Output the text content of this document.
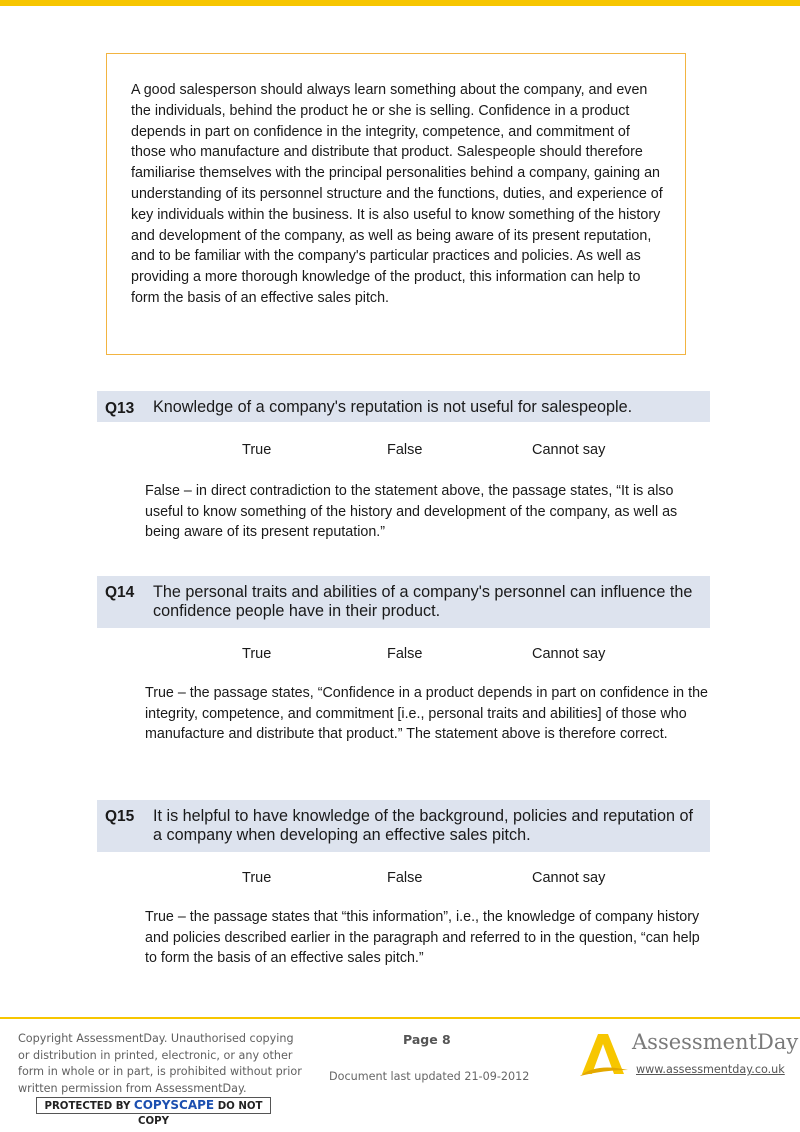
A good salesperson should always learn something about the company, and even the individuals, behind the product he or she is selling. Confidence in a product depends in part on confidence in the integrity, competence, and commitment of those who manufacture and distribute that product. Salespeople should therefore familiarise themselves with the principal personalities behind a company, gaining an understanding of its personnel structure and the functions, duties, and experience of key individuals within the business. It is also useful to know something of the history and development of the company, as well as being aware of its present reputation, and to be familiar with the company's particular practices and policies. As well as providing a more thorough knowledge of the product, this information can help to form the basis of an effective sales pitch.

Q13 Knowledge of a company's reputation is not useful for salespeople.
True	False	Cannot say

False – in direct contradiction to the statement above, the passage states, “It is also useful to know something of the history and development of the company, as well as being aware of its present reputation.”

Q14 The personal traits and abilities of a company's personnel can influence the confidence people have in their product.
True	False	Cannot say

True – the passage states, “Confidence in a product depends in part on confidence in the integrity, competence, and commitment [i.e., personal traits and abilities] of those who manufacture and distribute that product.” The statement above is therefore correct.

Q15 It is helpful to have knowledge of the background, policies and reputation of a company when developing an effective sales pitch.
True	False	Cannot say

True – the passage states that “this information”, i.e., the knowledge of company history and policies described earlier in the paragraph and referred to in the question, “can help to form the basis of an effective sales pitch.”

Copyright AssessmentDay. Unauthorised copying or distribution in printed, electronic, or any other form in whole or in part, is prohibited without prior written permission from AssessmentDay.
PROTECTED BY COPYSCAPE DO NOT COPY
Page 8
Document last updated 21-09-2012
AssessmentDay
www.assessmentday.co.uk
